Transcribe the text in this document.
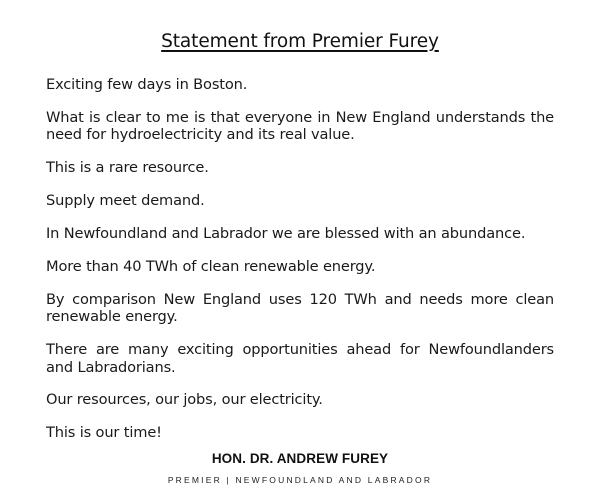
Statement from Premier Furey

Exciting few days in Boston.

What is clear to me is that everyone in New England understands the need for hydroelectricity and its real value.

This is a rare resource.

Supply meet demand.

In Newfoundland and Labrador we are blessed with an abundance.

More than 40 TWh of clean renewable energy.

By comparison New England uses 120 TWh and needs more clean renewable energy.

There are many exciting opportunities ahead for Newfoundlanders and Labradorians.

Our resources, our jobs, our electricity.

This is our time!

HON. DR. ANDREW FUREY
PREMIER | NEWFOUNDLAND AND LABRADOR
